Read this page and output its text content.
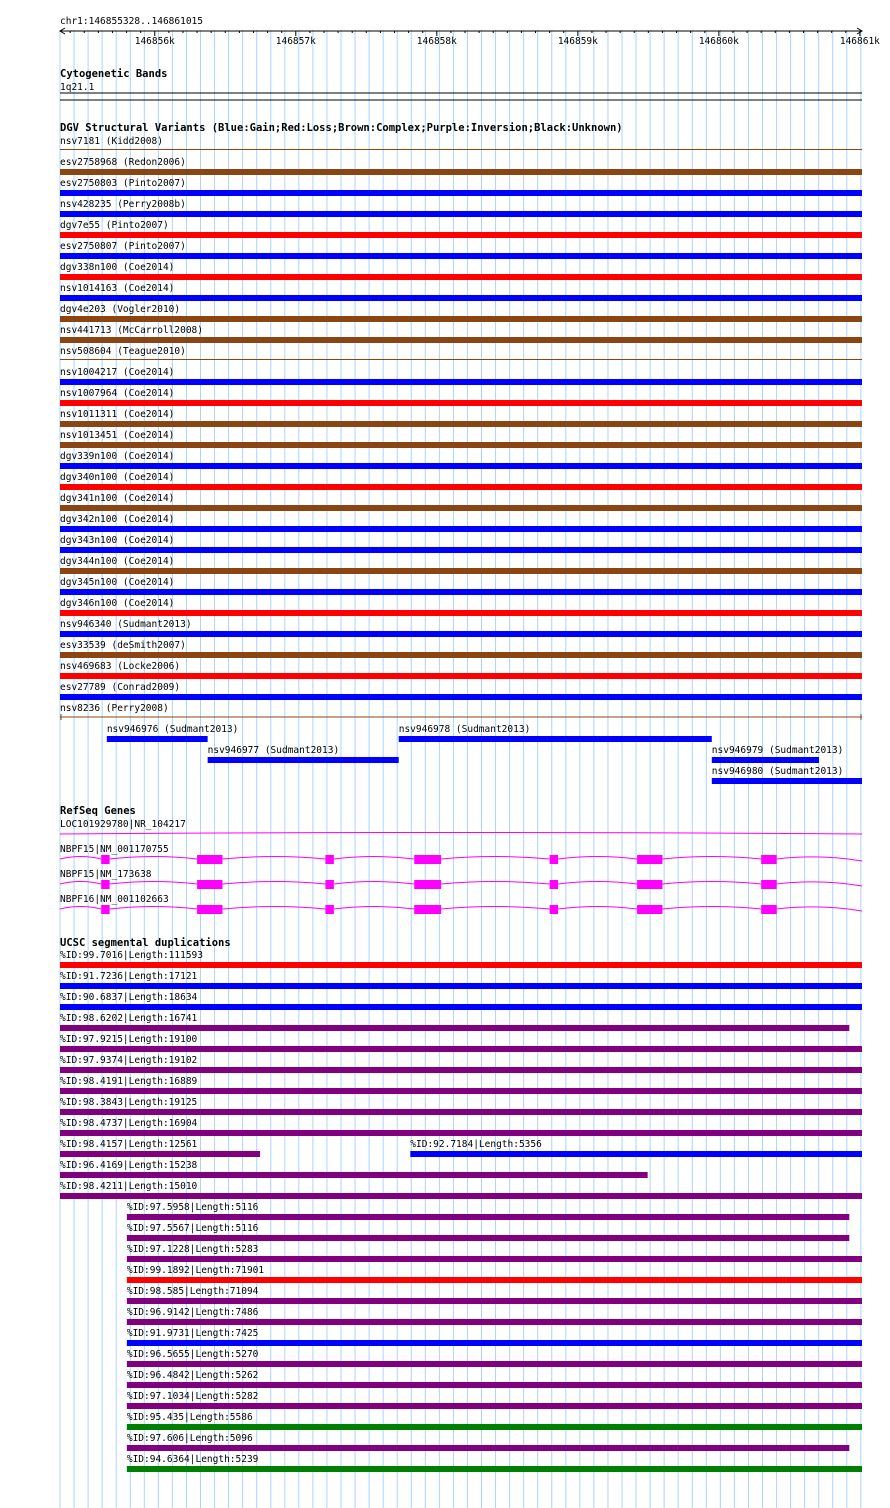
chr1:146855328..146861015
146856k	146857k	146858k	146859k	146860k	146861k
Cytogenetic Bands
1q21.1
DGV Structural Variants (Blue:Gain;Red:Loss;Brown:Complex;Purple:Inversion;Black:Unknown)
nsv7181 (Kidd2008)
esv2758968 (Redon2006)
esv2750803 (Pinto2007)
nsv428235 (Perry2008b)
dgv7e55 (Pinto2007)
esv2750807 (Pinto2007)
dgv338n100 (Coe2014)
nsv1014163 (Coe2014)
dgv4e203 (Vogler2010)
nsv441713 (McCarroll2008)
nsv508604 (Teague2010)
nsv1004217 (Coe2014)
nsv1007964 (Coe2014)
nsv1011311 (Coe2014)
nsv1013451 (Coe2014)
dgv339n100 (Coe2014)
dgv340n100 (Coe2014)
dgv341n100 (Coe2014)
dgv342n100 (Coe2014)
dgv343n100 (Coe2014)
dgv344n100 (Coe2014)
dgv345n100 (Coe2014)
dgv346n100 (Coe2014)
nsv946340 (Sudmant2013)
esv33539 (deSmith2007)
nsv469683 (Locke2006)
esv27789 (Conrad2009)
nsv8236 (Perry2008)
nsv946976 (Sudmant2013)	nsv946978 (Sudmant2013)
nsv946977 (Sudmant2013)	nsv946979 (Sudmant2013)
nsv946980 (Sudmant2013)
RefSeq Genes
LOC101929780|NR_104217
NBPF15|NM_001170755
NBPF15|NM_173638
NBPF16|NM_001102663
UCSC segmental duplications
%ID:99.7016|Length:111593
%ID:91.7236|Length:17121
%ID:90.6837|Length:18634
%ID:98.6202|Length:16741
%ID:97.9215|Length:19100
%ID:97.9374|Length:19102
%ID:98.4191|Length:16889
%ID:98.3843|Length:19125
%ID:98.4737|Length:16904
%ID:98.4157|Length:12561	%ID:92.7184|Length:5356
%ID:96.4169|Length:15238
%ID:98.4211|Length:15010
%ID:97.5958|Length:5116
%ID:97.5567|Length:5116
%ID:97.1228|Length:5283
%ID:99.1892|Length:71901
%ID:98.585|Length:71094
%ID:96.9142|Length:7486
%ID:91.9731|Length:7425
%ID:96.5655|Length:5270
%ID:96.4842|Length:5262
%ID:97.1034|Length:5282
%ID:95.435|Length:5586
%ID:97.606|Length:5096
%ID:94.6364|Length:5239
